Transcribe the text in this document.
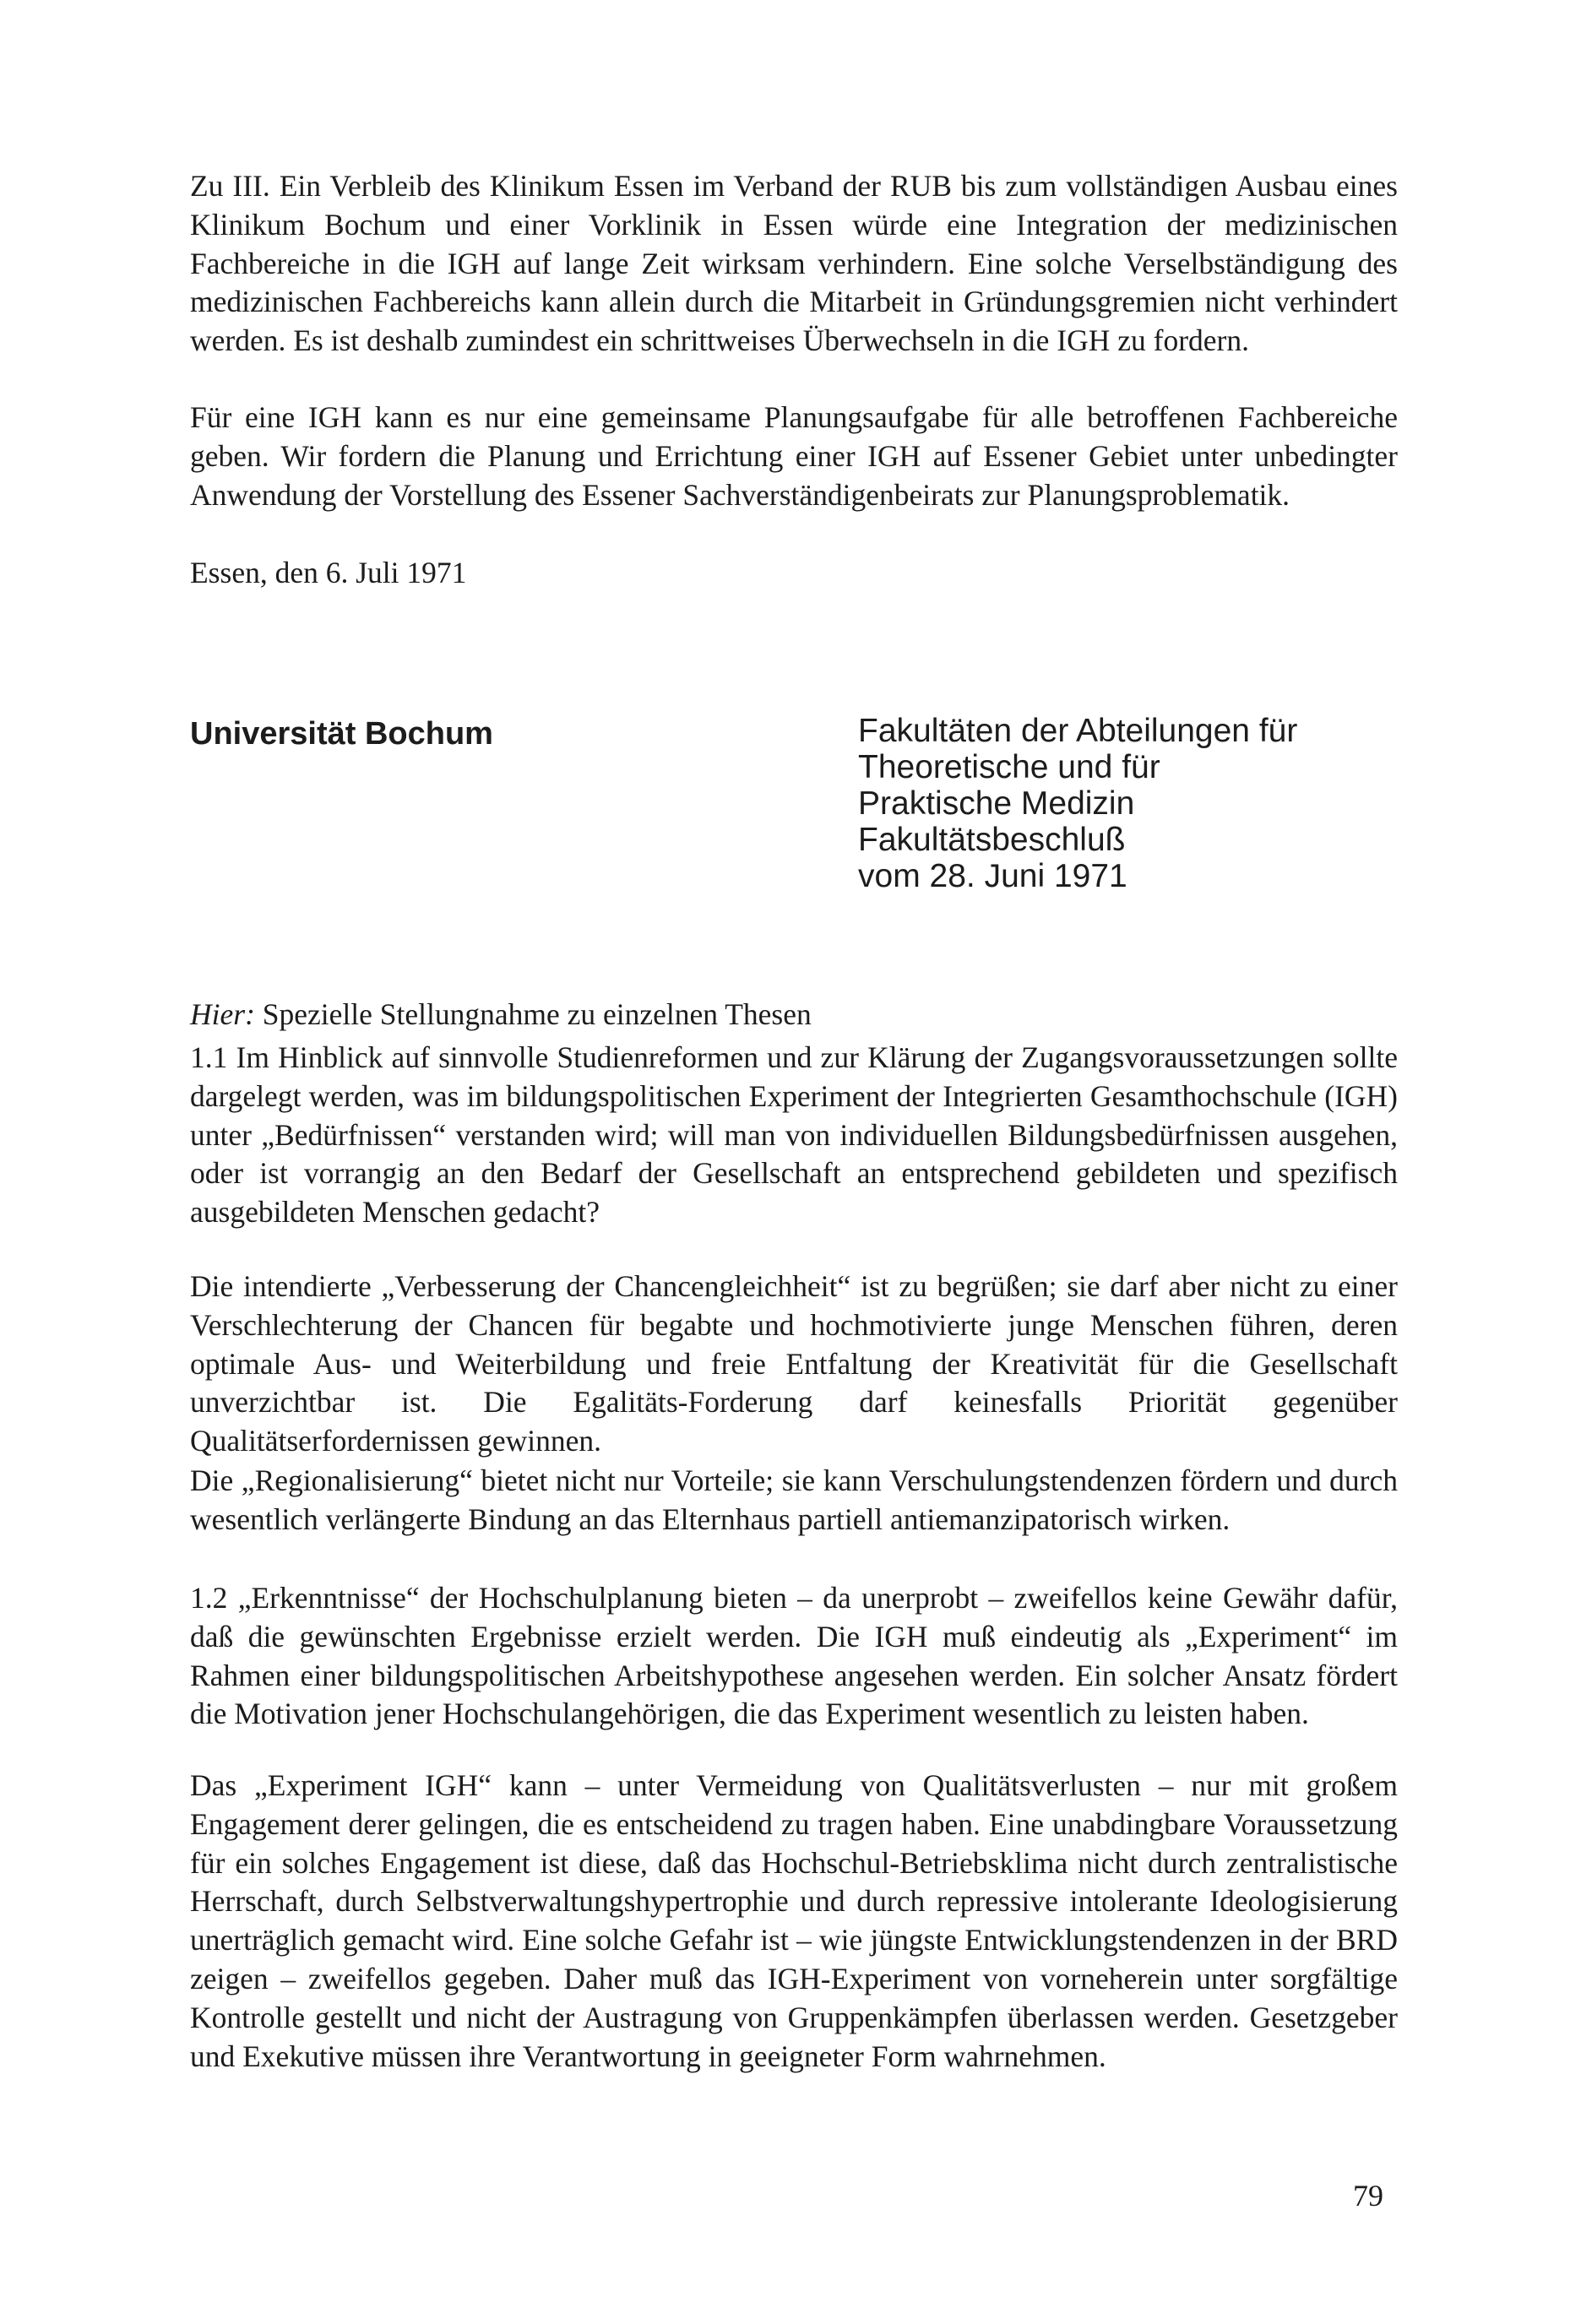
Zu III. Ein Verbleib des Klinikum Essen im Verband der RUB bis zum vollständigen Ausbau eines Klinikum Bochum und einer Vorklinik in Essen würde eine Integration der medizinischen Fachbereiche in die IGH auf lange Zeit wirksam verhindern. Eine solche Verselbständigung des medizinischen Fachbereichs kann allein durch die Mitarbeit in Gründungsgremien nicht verhindert werden. Es ist deshalb zumindest ein schrittweises Überwechseln in die IGH zu fordern.

Für eine IGH kann es nur eine gemeinsame Planungsaufgabe für alle betroffenen Fachbereiche geben. Wir fordern die Planung und Errichtung einer IGH auf Essener Gebiet unter unbedingter Anwendung der Vorstellung des Essener Sachverständigenbeirats zur Planungsproblematik.

Essen, den 6. Juli 1971

Universität Bochum	Fakultäten der Abteilungen für
Theoretische und für
Praktische Medizin
Fakultätsbeschluß
vom 28. Juni 1971

Hier: Spezielle Stellungnahme zu einzelnen Thesen

1.1 Im Hinblick auf sinnvolle Studienreformen und zur Klärung der Zugangsvoraussetzungen sollte dargelegt werden, was im bildungspolitischen Experiment der Integrierten Gesamthochschule (IGH) unter „Bedürfnissen“ verstanden wird; will man von individuellen Bildungsbedürfnissen ausgehen, oder ist vorrangig an den Bedarf der Gesellschaft an entsprechend gebildeten und spezifisch ausgebildeten Menschen gedacht?

Die intendierte „Verbesserung der Chancengleichheit“ ist zu begrüßen; sie darf aber nicht zu einer Verschlechterung der Chancen für begabte und hochmotivierte junge Menschen führen, deren optimale Aus- und Weiterbildung und freie Entfaltung der Kreativität für die Gesellschaft unverzichtbar ist. Die Egalitäts-Forderung darf keinesfalls Priorität gegenüber Qualitätserfordernissen gewinnen.

Die „Regionalisierung“ bietet nicht nur Vorteile; sie kann Verschulungstendenzen fördern und durch wesentlich verlängerte Bindung an das Elternhaus partiell antiemanzipatorisch wirken.

1.2 „Erkenntnisse“ der Hochschulplanung bieten – da unerprobt – zweifellos keine Gewähr dafür, daß die gewünschten Ergebnisse erzielt werden. Die IGH muß eindeutig als „Experiment“ im Rahmen einer bildungspolitischen Arbeitshypothese angesehen werden. Ein solcher Ansatz fördert die Motivation jener Hochschulangehörigen, die das Experiment wesentlich zu leisten haben.

Das „Experiment IGH“ kann – unter Vermeidung von Qualitätsverlusten – nur mit großem Engagement derer gelingen, die es entscheidend zu tragen haben. Eine unabdingbare Voraussetzung für ein solches Engagement ist diese, daß das Hochschul-Betriebsklima nicht durch zentralistische Herrschaft, durch Selbstverwaltungshypertrophie und durch repressive intolerante Ideologisierung unerträglich gemacht wird. Eine solche Gefahr ist – wie jüngste Entwicklungstendenzen in der BRD zeigen – zweifellos gegeben. Daher muß das IGH-Experiment von vorneherein unter sorgfältige Kontrolle gestellt und nicht der Austragung von Gruppenkämpfen überlassen werden. Gesetzgeber und Exekutive müssen ihre Verantwortung in geeigneter Form wahrnehmen.

79
